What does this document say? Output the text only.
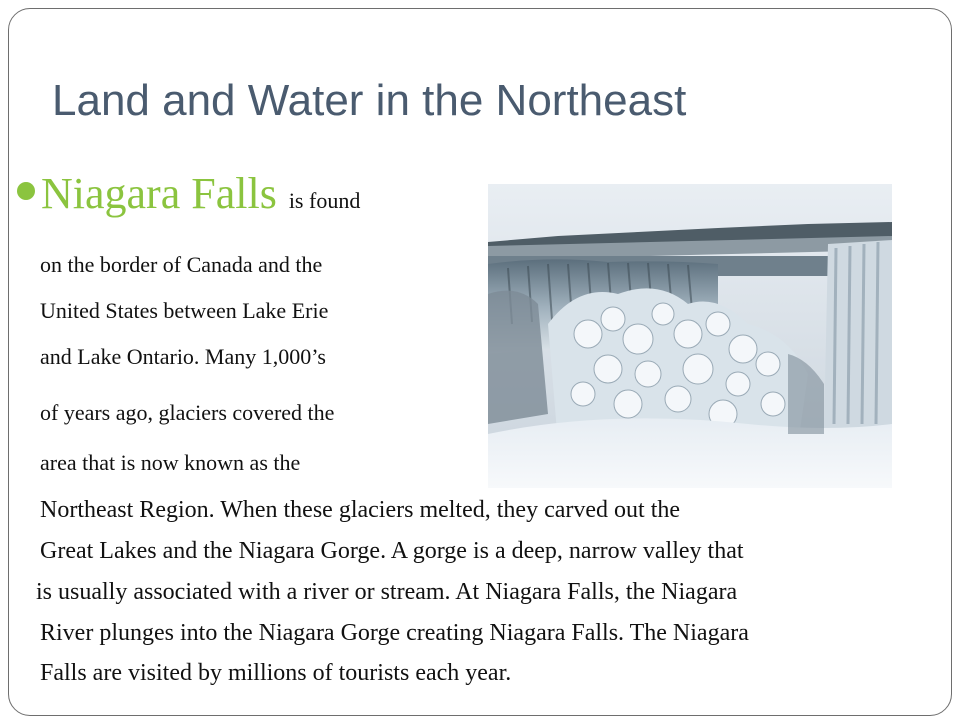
Land and Water in the Northeast
Niagara Falls is found
on the border of Canada and the
United States between Lake Erie
and Lake Ontario. Many 1,000’s
of years ago, glaciers covered the
area that is now known as the
Northeast Region. When these glaciers melted, they carved out the
Great Lakes and the Niagara Gorge. A gorge is a deep, narrow valley that
is usually associated with a river or stream. At Niagara Falls, the Niagara
River plunges into the Niagara Gorge creating Niagara Falls. The Niagara
Falls are visited by millions of tourists each year.
